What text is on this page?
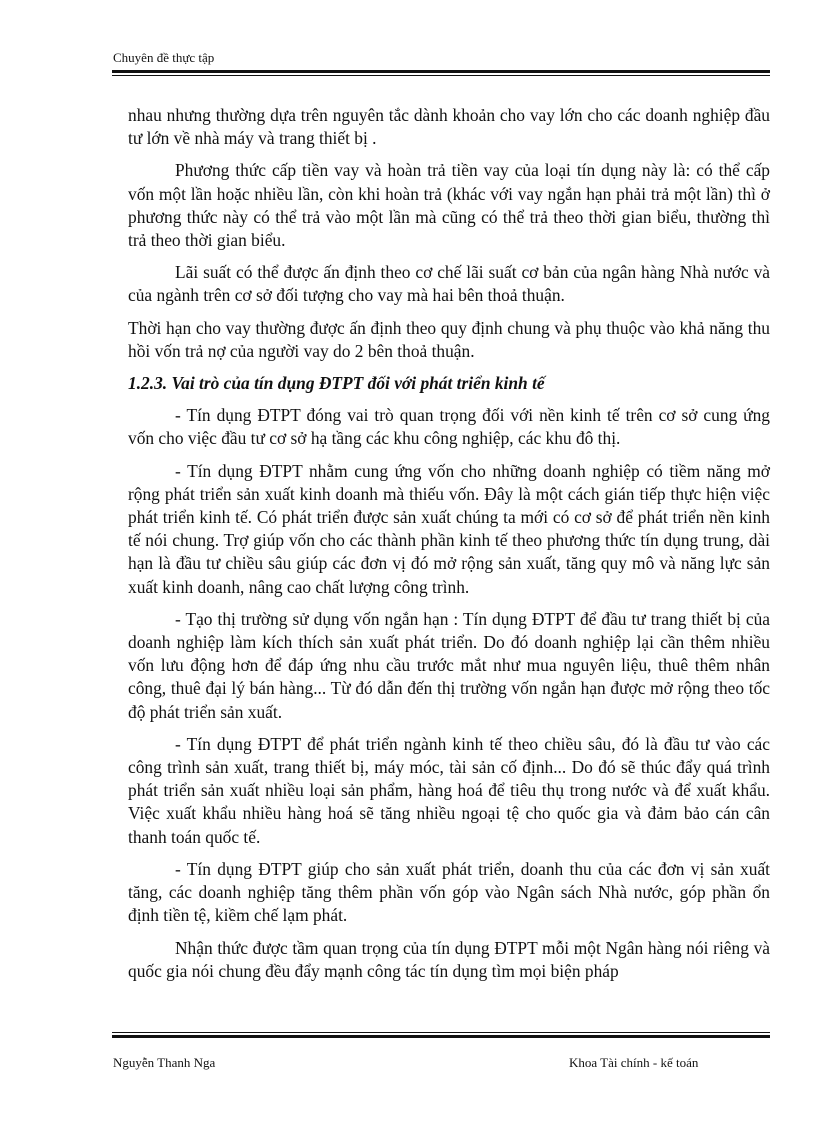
Chuyên đề thực tập

nhau nhưng thường dựa trên nguyên tắc dành khoản cho vay lớn cho các doanh nghiệp đầu tư lớn về nhà máy và trang thiết bị .

Phương thức cấp tiền vay và hoàn trả tiền vay của loại tín dụng này là: có thể cấp vốn một lần hoặc nhiều lần, còn khi hoàn trả (khác với vay ngắn hạn phải trả một lần) thì ở phương thức này có thể trả vào một lần mà cũng có thể trả theo thời gian biểu, thường thì trả theo thời gian biểu.

Lãi suất có thể được ấn định theo cơ chế lãi suất cơ bản của ngân hàng Nhà nước và của ngành trên cơ sở đối tượng cho vay mà hai bên thoả thuận.

Thời hạn cho vay thường được ấn định theo quy định chung và phụ thuộc vào khả năng thu hồi vốn trả nợ của người vay do 2 bên thoả thuận.

1.2.3. Vai trò của tín dụng ĐTPT đối với phát triển kinh tế

- Tín dụng ĐTPT đóng vai trò quan trọng đối với nền kinh tế trên cơ sở cung ứng vốn cho việc đầu tư cơ sở hạ tầng các khu công nghiệp, các khu đô thị.

- Tín dụng ĐTPT nhằm cung ứng vốn cho những doanh nghiệp có tiềm năng mở rộng phát triển sản xuất kinh doanh mà thiếu vốn. Đây là một cách gián tiếp thực hiện việc phát triển kinh tế. Có phát triển được sản xuất chúng ta mới có cơ sở để phát triển nền kinh tế nói chung. Trợ giúp vốn cho các thành phần kinh tế theo phương thức tín dụng trung, dài hạn là đầu tư chiều sâu giúp các đơn vị đó mở rộng sản xuất, tăng quy mô và năng lực sản xuất kinh doanh, nâng cao chất lượng công trình.

- Tạo thị trường sử dụng vốn ngắn hạn : Tín dụng ĐTPT để đầu tư trang thiết bị của doanh nghiệp làm kích thích sản xuất phát triển. Do đó doanh nghiệp lại cần thêm nhiều vốn lưu động hơn để đáp ứng nhu cầu trước mắt như mua nguyên liệu, thuê thêm nhân công, thuê đại lý bán hàng... Từ đó dẫn đến thị trường vốn ngắn hạn được mở rộng theo tốc độ phát triển sản xuất.

- Tín dụng ĐTPT để phát triển ngành kinh tế theo chiều sâu, đó là đầu tư vào các công trình sản xuất, trang thiết bị, máy móc, tài sản cố định... Do đó sẽ thúc đẩy quá trình phát triển sản xuất nhiều loại sản phẩm, hàng hoá để tiêu thụ trong nước và để xuất khẩu. Việc xuất khẩu nhiều hàng hoá sẽ tăng nhiều ngoại tệ cho quốc gia và đảm bảo cán cân thanh toán quốc tế.

- Tín dụng ĐTPT giúp cho sản xuất phát triển, doanh thu của các đơn vị sản xuất tăng, các doanh nghiệp tăng thêm phần vốn góp vào Ngân sách Nhà nước, góp phần ổn định tiền tệ, kiềm chế lạm phát.

Nhận thức được tầm quan trọng của tín dụng ĐTPT mỗi một Ngân hàng nói riêng và quốc gia nói chung đều đẩy mạnh công tác tín dụng tìm mọi biện pháp

Nguyễn Thanh Nga	Khoa Tài chính - kế toán
